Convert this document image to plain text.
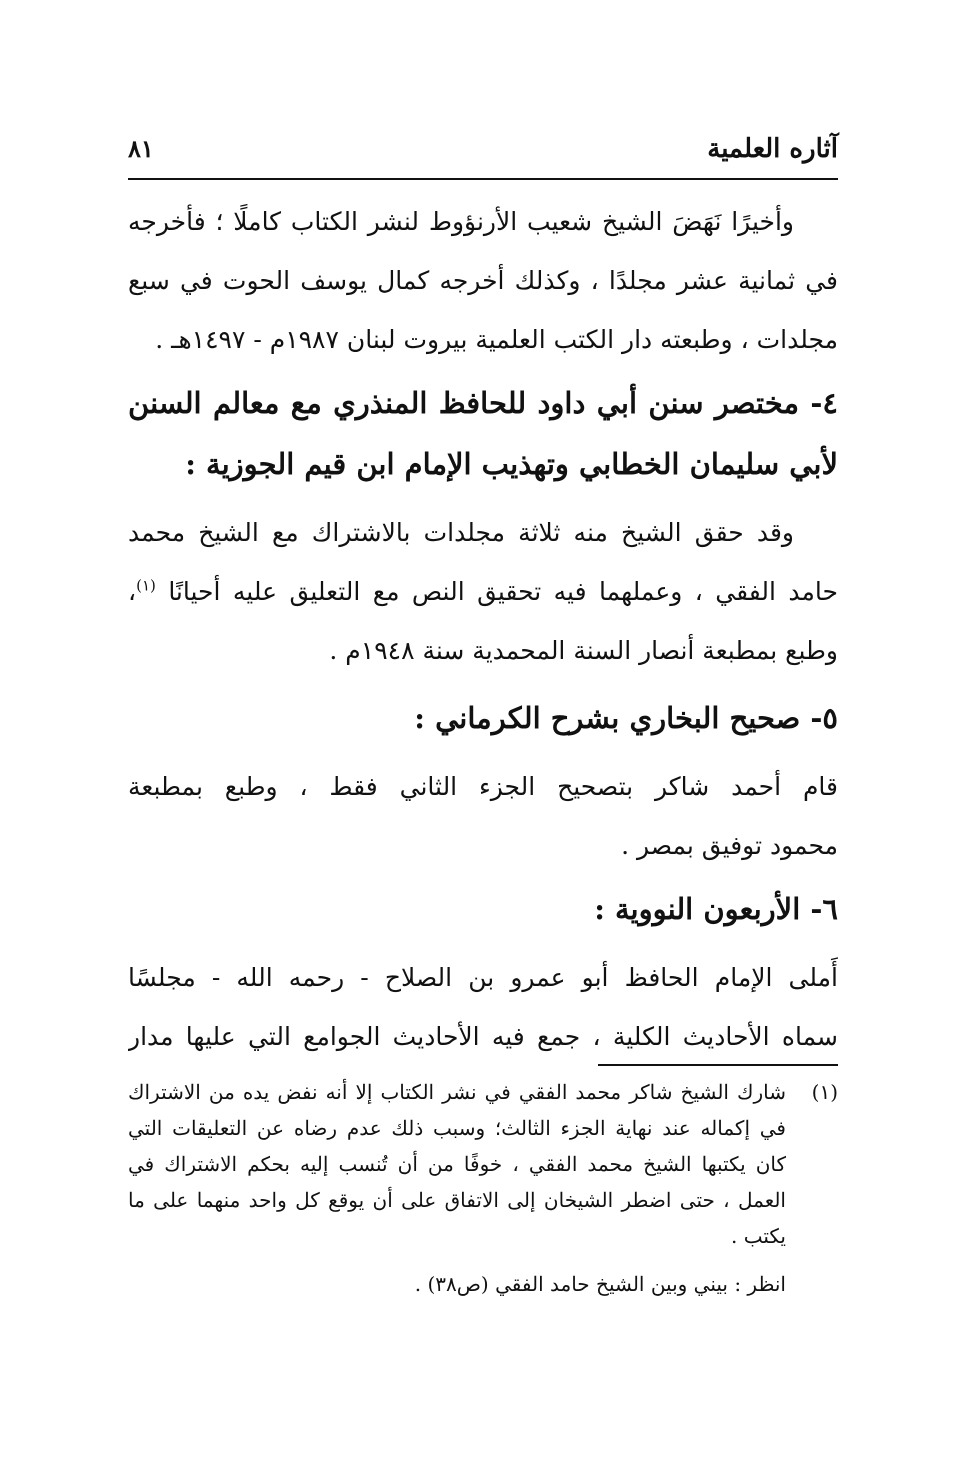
آثاره العلمية
٨١
وأخيرًا نَهَضَ الشيخ شعيب الأرنؤوط لنشر الكتاب كاملًا ؛ فأخرجه
في ثمانية عشر مجلدًا ، وكذلك أخرجه كمال يوسف الحوت في سبع
مجلدات ، وطبعته دار الكتب العلمية بيروت لبنان ١٩٨٧م - ١٤٩٧هـ .
٤- مختصر سنن أبي داود للحافظ المنذري مع معالم السنن
لأبي سليمان الخطابي وتهذيب الإمام ابن قيم الجوزية :
وقد حقق الشيخ منه ثلاثة مجلدات بالاشتراك مع الشيخ محمد
حامد الفقي ، وعملهما فيه تحقيق النص مع التعليق عليه أحيانًا $^{(١)}$،
وطبع بمطبعة أنصار السنة المحمدية سنة ١٩٤٨م .
٥- صحيح البخاري بشرح الكرماني :
قام أحمد شاكر بتصحيح الجزء الثاني فقط ، وطبع بمطبعة
محمود توفيق بمصر .
٦- الأربعون النووية :
أَملى الإمام الحافظ أبو عمرو بن الصلاح - رحمه الله - مجلسًا
سماه الأحاديث الكلية ، جمع فيه الأحاديث الجوامع التي عليها مدار
(١)
شارك الشيخ شاكر محمد الفقي في نشر الكتاب إلا أنه نفض يده من الاشتراك
في إكماله عند نهاية الجزء الثالث؛ وسبب ذلك عدم رضاه عن التعليقات التي
كان يكتبها الشيخ محمد الفقي ، خوفًا من أن تُنسب إليه بحكم الاشتراك في
العمل ، حتى اضطر الشيخان إلى الاتفاق على أن يوقع كل واحد منهما على ما
يكتب .
انظر : بيني وبين الشيخ حامد الفقي (ص٣٨) .
